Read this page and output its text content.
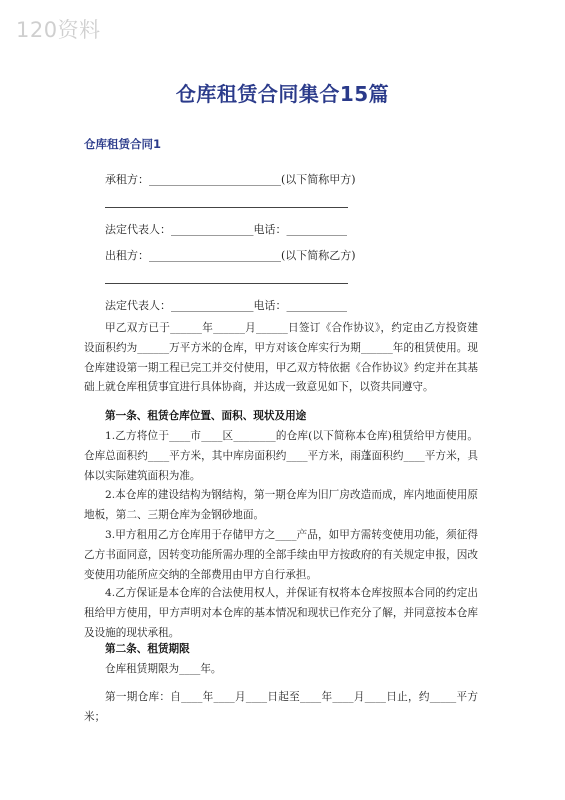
120资料
仓库租赁合同集合15篇
仓库租赁合同1
承租方：________________________(以下简称甲方)
法定代表人：_______________电话：___________
出租方：________________________(以下简称乙方)
法定代表人：_______________电话：___________
甲乙双方已于______年______月______日签订《合作协议》，约定由乙方投资建设面积约为______万平方米的仓库，甲方对该仓库实行为期______年的租赁使用。现仓库建设第一期工程已完工并交付使用，甲乙双方特依据《合作协议》约定并在其基础上就仓库租赁事宜进行具体协商，并达成一致意见如下，以资共同遵守。
第一条、租赁仓库位置、面积、现状及用途
1.乙方将位于____市____区________的仓库(以下简称本仓库)租赁给甲方使用。仓库总面积约____平方米，其中库房面积约____平方米，雨蓬面积约____平方米，具体以实际建筑面积为准。
2.本仓库的建设结构为钢结构，第一期仓库为旧厂房改造而成，库内地面使用原地板，第二、三期仓库为金钢砂地面。
3.甲方租用乙方仓库用于存储甲方之____产品，如甲方需转变使用功能，须征得乙方书面同意，因转变功能所需办理的全部手续由甲方按政府的有关规定申报，因改变使用功能所应交纳的全部费用由甲方自行承担。
4.乙方保证是本仓库的合法使用权人，并保证有权将本仓库按照本合同的约定出租给甲方使用，甲方声明对本仓库的基本情况和现状已作充分了解，并同意按本仓库及设施的现状承租。
第二条、租赁期限
仓库租赁期限为____年。
第一期仓库：自____年____月____日起至____年____月____日止，约_____平方米；
